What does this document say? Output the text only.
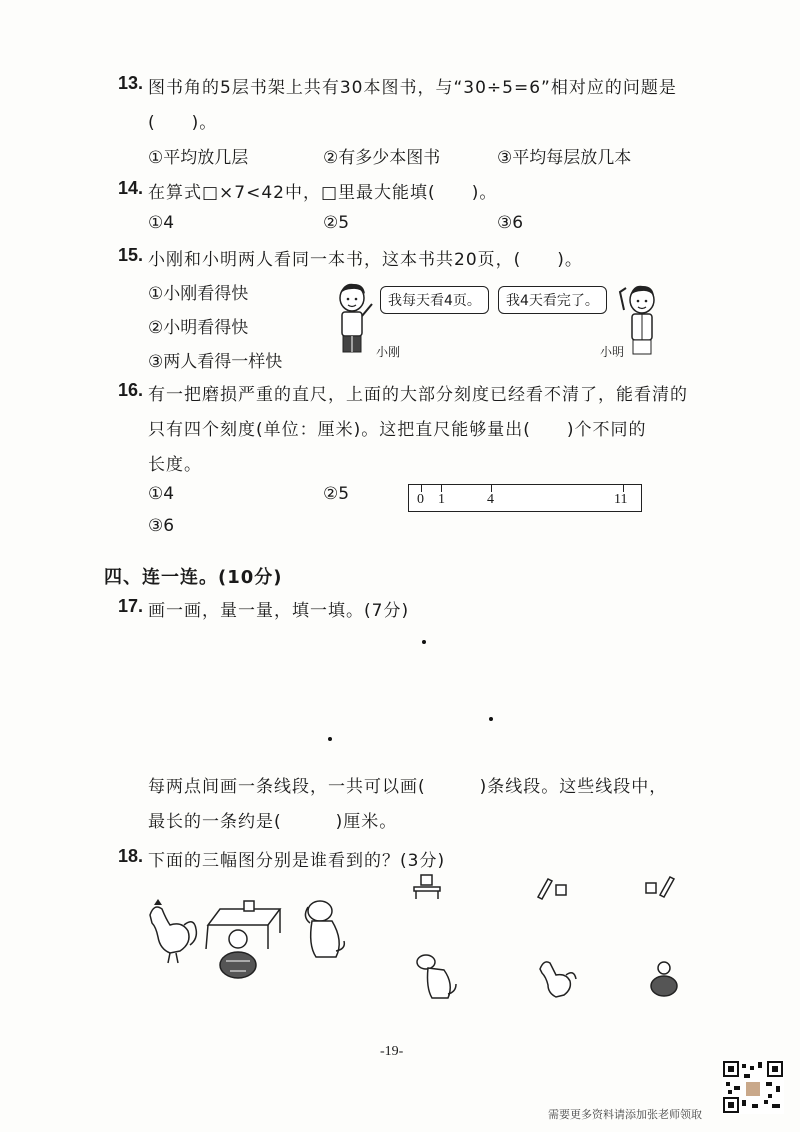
13. 图书角的5层书架上共有30本图书，与“30÷5=6”相对应的问题是
(　　)。
①平均放几层	②有多少本图书	③平均每层放几本
14. 在算式□×7<42中，□里最大能填(　　)。
①4	②5	③6
15. 小刚和小明两人看同一本书，这本书共20页，(　　)。
①小刚看得快
②小明看得快
③两人看得一样快
我每天看4页。
小刚
我4天看完了。
小明
16. 有一把磨损严重的直尺，上面的大部分刻度已经看不清了，能看清的
只有四个刻度(单位：厘米)。这把直尺能够量出(　　)个不同的
长度。
①4	②5
③6
0 1	4	11
四、连一连。(10分)
17. 画一画，量一量，填一填。(7分)
每两点间画一条线段，一共可以画(　　　)条线段。这些线段中，
最长的一条约是(　　　)厘米。
18. 下面的三幅图分别是谁看到的？(3分)
-19-
需要更多资料请添加张老师领取
